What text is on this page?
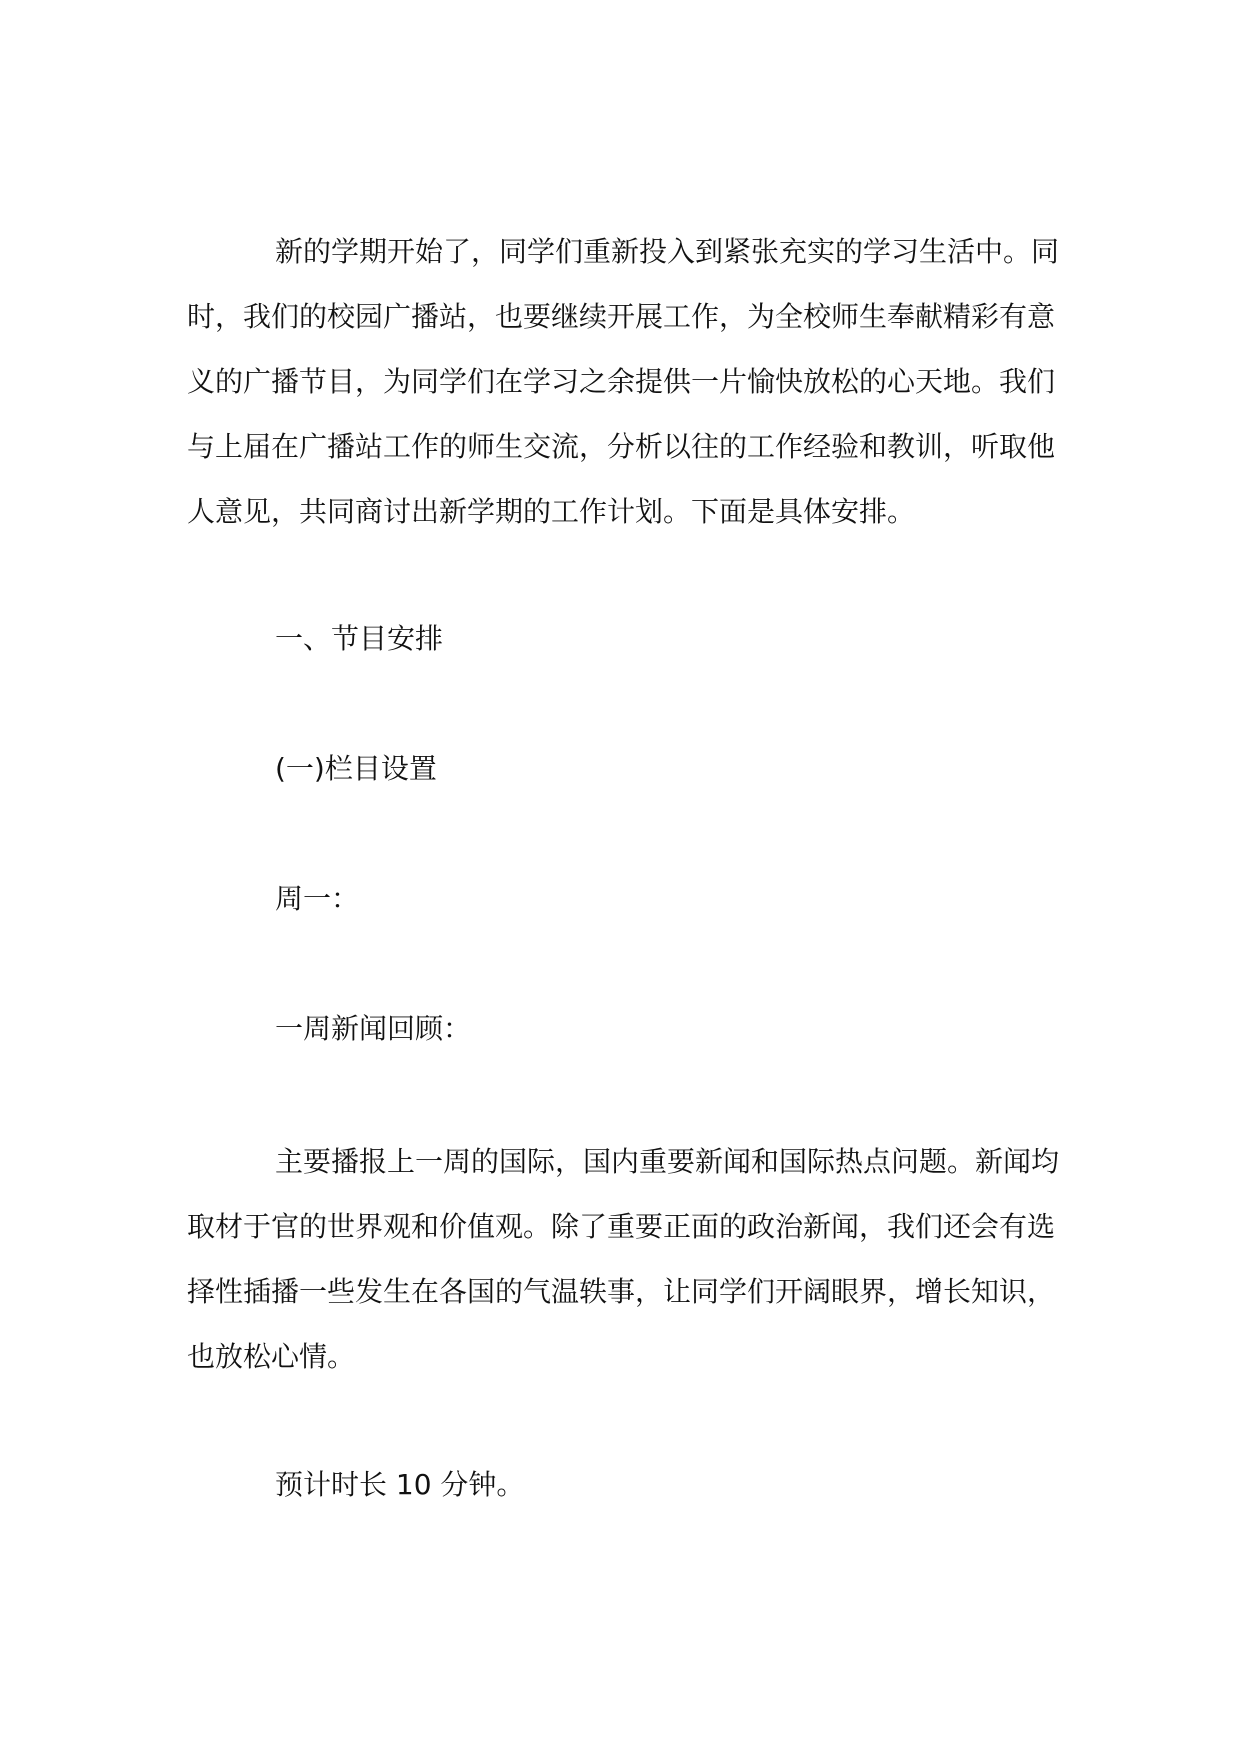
新的学期开始了，同学们重新投入到紧张充实的学习生活中。同时，我们的校园广播站，也要继续开展工作，为全校师生奉献精彩有意义的广播节目，为同学们在学习之余提供一片愉快放松的心天地。我们与上届在广播站工作的师生交流，分析以往的工作经验和教训，听取他人意见，共同商讨出新学期的工作计划。下面是具体安排。

一、节目安排

(一)栏目设置

周一：

一周新闻回顾：

主要播报上一周的国际，国内重要新闻和国际热点问题。新闻均取材于官的世界观和价值观。除了重要正面的政治新闻，我们还会有选择性插播一些发生在各国的气温轶事，让同学们开阔眼界，增长知识，也放松心情。

预计时长 10 分钟。
